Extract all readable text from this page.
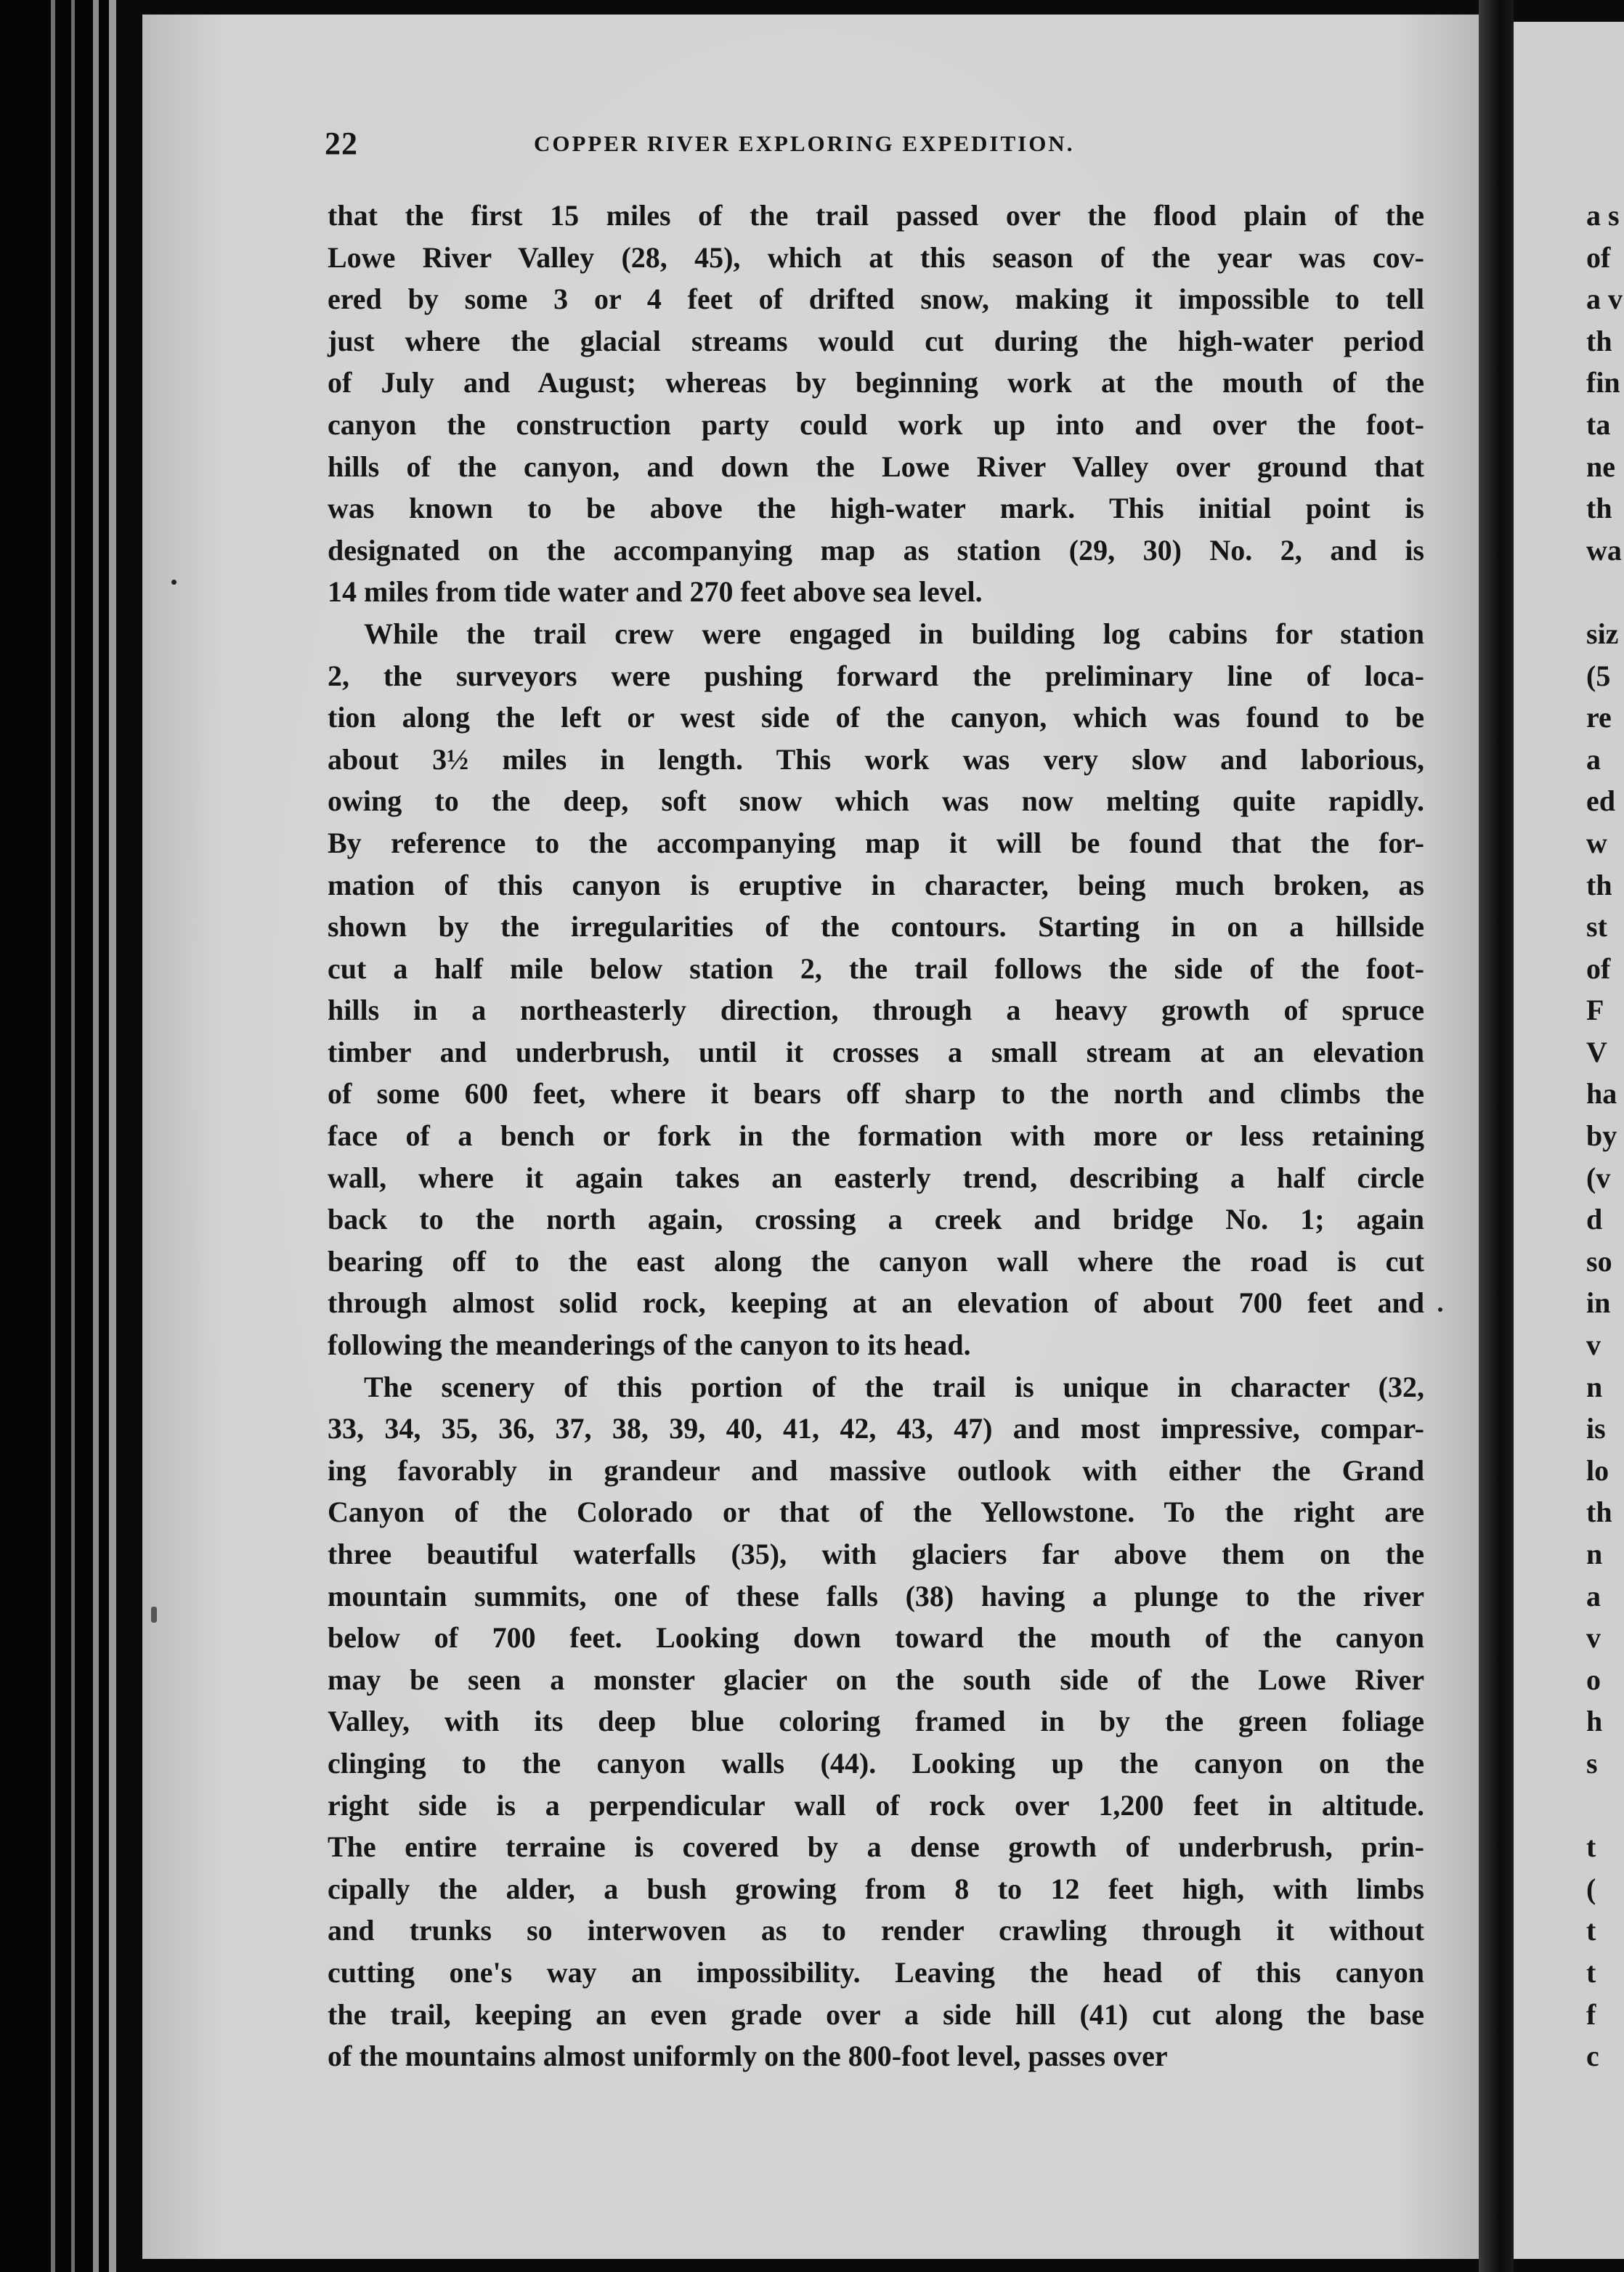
22	COPPER RIVER EXPLORING EXPEDITION.
that the first 15 miles of the trail passed over the flood plain of the
Lowe River Valley (28, 45), which at this season of the year was cov-
ered by some 3 or 4 feet of drifted snow, making it impossible to tell
just where the glacial streams would cut during the high-water period
of July and August; whereas by beginning work at the mouth of the
canyon the construction party could work up into and over the foot-
hills of the canyon, and down the Lowe River Valley over ground that
was known to be above the high-water mark. This initial point is
designated on the accompanying map as station (29, 30) No. 2, and is
14 miles from tide water and 270 feet above sea level.
While the trail crew were engaged in building log cabins for station
2, the surveyors were pushing forward the preliminary line of loca-
tion along the left or west side of the canyon, which was found to be
about 3½ miles in length. This work was very slow and laborious,
owing to the deep, soft snow which was now melting quite rapidly.
By reference to the accompanying map it will be found that the for-
mation of this canyon is eruptive in character, being much broken, as
shown by the irregularities of the contours. Starting in on a hillside
cut a half mile below station 2, the trail follows the side of the foot-
hills in a northeasterly direction, through a heavy growth of spruce
timber and underbrush, until it crosses a small stream at an elevation
of some 600 feet, where it bears off sharp to the north and climbs the
face of a bench or fork in the formation with more or less retaining
wall, where it again takes an easterly trend, describing a half circle
back to the north again, crossing a creek and bridge No. 1; again
bearing off to the east along the canyon wall where the road is cut
through almost solid rock, keeping at an elevation of about 700 feet and
following the meanderings of the canyon to its head.
The scenery of this portion of the trail is unique in character (32,
33, 34, 35, 36, 37, 38, 39, 40, 41, 42, 43, 47) and most impressive, compar-
ing favorably in grandeur and massive outlook with either the Grand
Canyon of the Colorado or that of the Yellowstone. To the right are
three beautiful waterfalls (35), with glaciers far above them on the
mountain summits, one of these falls (38) having a plunge to the river
below of 700 feet. Looking down toward the mouth of the canyon
may be seen a monster glacier on the south side of the Lowe River
Valley, with its deep blue coloring framed in by the green foliage
clinging to the canyon walls (44). Looking up the canyon on the
right side is a perpendicular wall of rock over 1,200 feet in altitude.
The entire terraine is covered by a dense growth of underbrush, prin-
cipally the alder, a bush growing from 8 to 12 feet high, with limbs
and trunks so interwoven as to render crawling through it without
cutting one's way an impossibility. Leaving the head of this canyon
the trail, keeping an even grade over a side hill (41) cut along the base
of the mountains almost uniformly on the 800-foot level, passes over
a s
of
a v
th
fin
ta
ne
th
wa
siz
(5
re
a
ed
w
th
st
of
F
V
ha
by
(v
d
so
in
v
n
is
lo
th
n
a
v
o
h
s
t
(
t
t
f
c
